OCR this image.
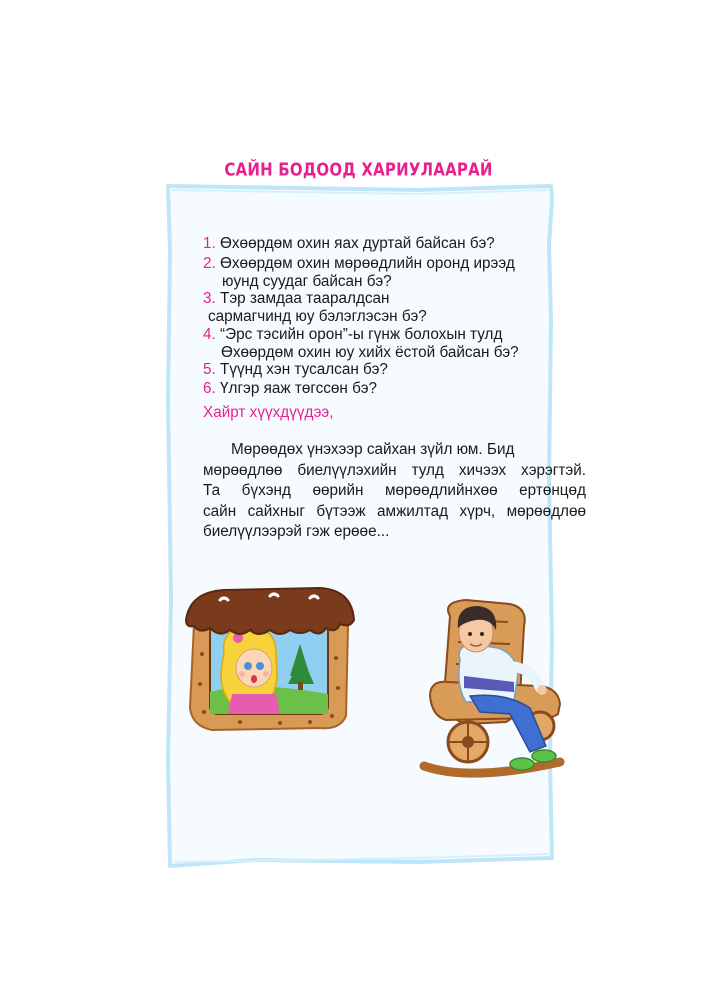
САЙН БОДООД ХАРИУЛААРАЙ
1. Өхөөрдөм охин яах дуртай байсан бэ?
2. Өхөөрдөм охин мөрөөдлийн оронд ирээд
юунд суудаг байсан бэ?
3. Тэр замдаа таарaлдсан
сармагчинд юу бэлэглэсэн бэ?
4. “Эрс тэсийн орон”-ы гүнж болохын тулд
Өхөөрдөм охин юу хийх ёстой байсан бэ?
5. Түүнд хэн тусалсан бэ?
6. Үлгэр яаж төгссөн бэ?
Хайрт хүүхдүүдээ,
Мөрөөдөх үнэхээр сайхан зүйл юм. Бид
мөрөөдлөө биелүүлэхийн тулд хичээх хэрэгтэй.
Та бүхэнд өөрийн мөрөөдлийнхөө ертөнцөд
сайн сайхныг бүтээж амжилтад хүрч, мөрөөдлөө
биелүүлээрэй гэж ерөөе...
